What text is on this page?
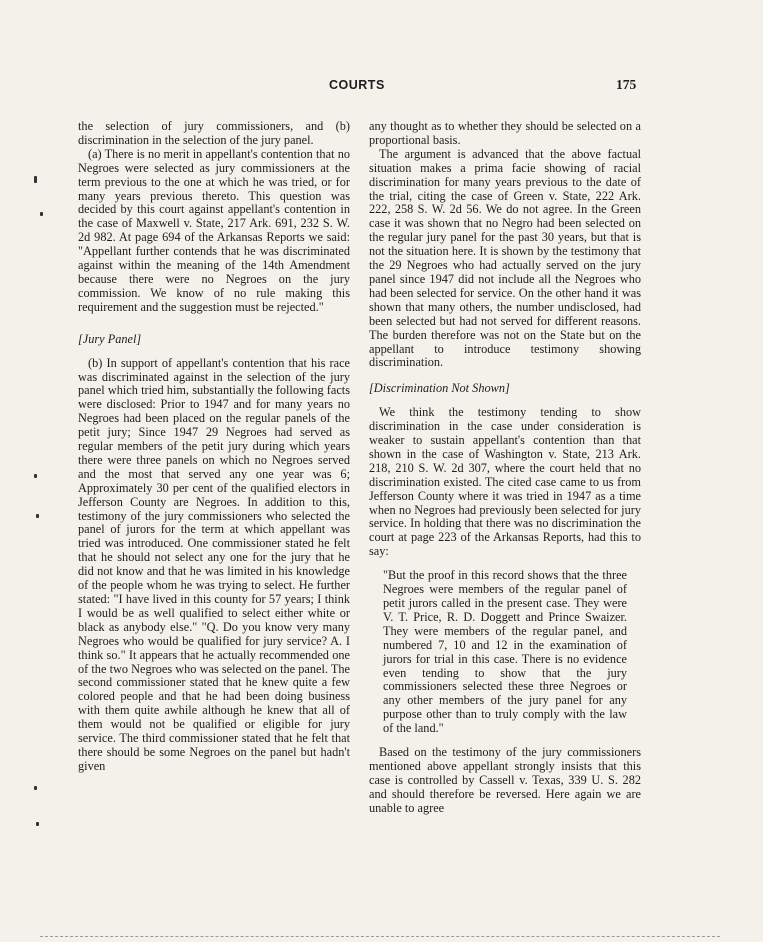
COURTS	175

the selection of jury commissioners, and (b) discrimination in the selection of the jury panel.

(a) There is no merit in appellant's contention that no Negroes were selected as jury commissioners at the term previous to the one at which he was tried, or for many years previous thereto. This question was decided by this court against appellant's contention in the case of Maxwell v. State, 217 Ark. 691, 232 S. W. 2d 982. At page 694 of the Arkansas Reports we said: "Appellant further contends that he was discriminated against within the meaning of the 14th Amendment because there were no Negroes on the jury commission. We know of no rule making this requirement and the suggestion must be rejected."

[Jury Panel]

(b) In support of appellant's contention that his race was discriminated against in the selection of the jury panel which tried him, substantially the following facts were disclosed: Prior to 1947 and for many years no Negroes had been placed on the regular panels of the petit jury; Since 1947 29 Negroes had served as regular members of the petit jury during which years there were three panels on which no Negroes served and the most that served any one year was 6; Approximately 30 per cent of the qualified electors in Jefferson County are Negroes. In addition to this, testimony of the jury commissioners who selected the panel of jurors for the term at which appellant was tried was introduced. One commissioner stated he felt that he should not select any one for the jury that he did not know and that he was limited in his knowledge of the people whom he was trying to select. He further stated: "I have lived in this county for 57 years; I think I would be as well qualified to select either white or black as anybody else." "Q. Do you know very many Negroes who would be qualified for jury service? A. I think so." It appears that he actually recommended one of the two Negroes who was selected on the panel. The second commissioner stated that he knew quite a few colored people and that he had been doing business with them quite awhile although he knew that all of them would not be qualified or eligible for jury service. The third commissioner stated that he felt that there should be some Negroes on the panel but hadn't given

any thought as to whether they should be selected on a proportional basis.

The argument is advanced that the above factual situation makes a prima facie showing of racial discrimination for many years previous to the date of the trial, citing the case of Green v. State, 222 Ark. 222, 258 S. W. 2d 56. We do not agree. In the Green case it was shown that no Negro had been selected on the regular jury panel for the past 30 years, but that is not the situation here. It is shown by the testimony that the 29 Negroes who had actually served on the jury panel since 1947 did not include all the Negroes who had been selected for service. On the other hand it was shown that many others, the number undisclosed, had been selected but had not served for different reasons. The burden therefore was not on the State but on the appellant to introduce testimony showing discrimination.

[Discrimination Not Shown]

We think the testimony tending to show discrimination in the case under consideration is weaker to sustain appellant's contention than that shown in the case of Washington v. State, 213 Ark. 218, 210 S. W. 2d 307, where the court held that no discrimination existed. The cited case came to us from Jefferson County where it was tried in 1947 as a time when no Negroes had previously been selected for jury service. In holding that there was no discrimination the court at page 223 of the Arkansas Reports, had this to say:

"But the proof in this record shows that the three Negroes were members of the regular panel of petit jurors called in the present case. They were V. T. Price, R. D. Doggett and Prince Swaizer. They were members of the regular panel, and numbered 7, 10 and 12 in the examination of jurors for trial in this case. There is no evidence even tending to show that the jury commissioners selected these three Negroes or any other members of the jury panel for any purpose other than to truly comply with the law of the land."

Based on the testimony of the jury commissioners mentioned above appellant strongly insists that this case is controlled by Cassell v. Texas, 339 U. S. 282 and should therefore be reversed. Here again we are unable to agree
